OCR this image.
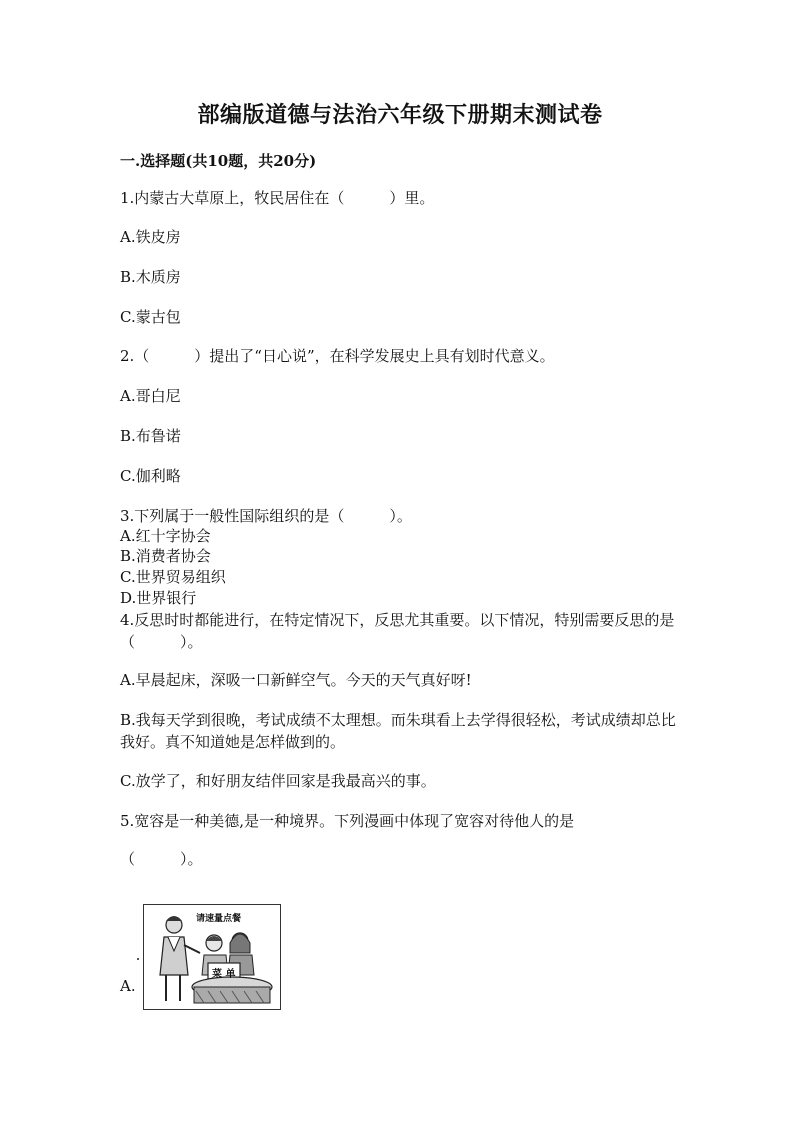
部编版道德与法治六年级下册期末测试卷
一.选择题(共10题，共20分)
1.内蒙古大草原上，牧民居住在（　　　）里。
A.铁皮房
B.木质房
C.蒙古包
2.（　　　）提出了“日心说”，在科学发展史上具有划时代意义。
A.哥白尼
B.布鲁诺
C.伽利略
3.下列属于一般性国际组织的是（　　　）。
A.红十字协会
B.消费者协会
C.世界贸易组织
D.世界银行
4.反思时时都能进行，在特定情况下，反思尤其重要。以下情况，特别需要反思的是（　　　）。
A.早晨起床，深吸一口新鲜空气。今天的天气真好呀!
B.我每天学到很晚，考试成绩不太理想。而朱琪看上去学得很轻松，考试成绩却总比我好。真不知道她是怎样做到的。
C.放学了，和好朋友结伴回家是我最高兴的事。
5.宽容是一种美德,是一种境界。下列漫画中体现了宽容对待他人的是
（　　　）。
A.
请速量点餐
菜 单
